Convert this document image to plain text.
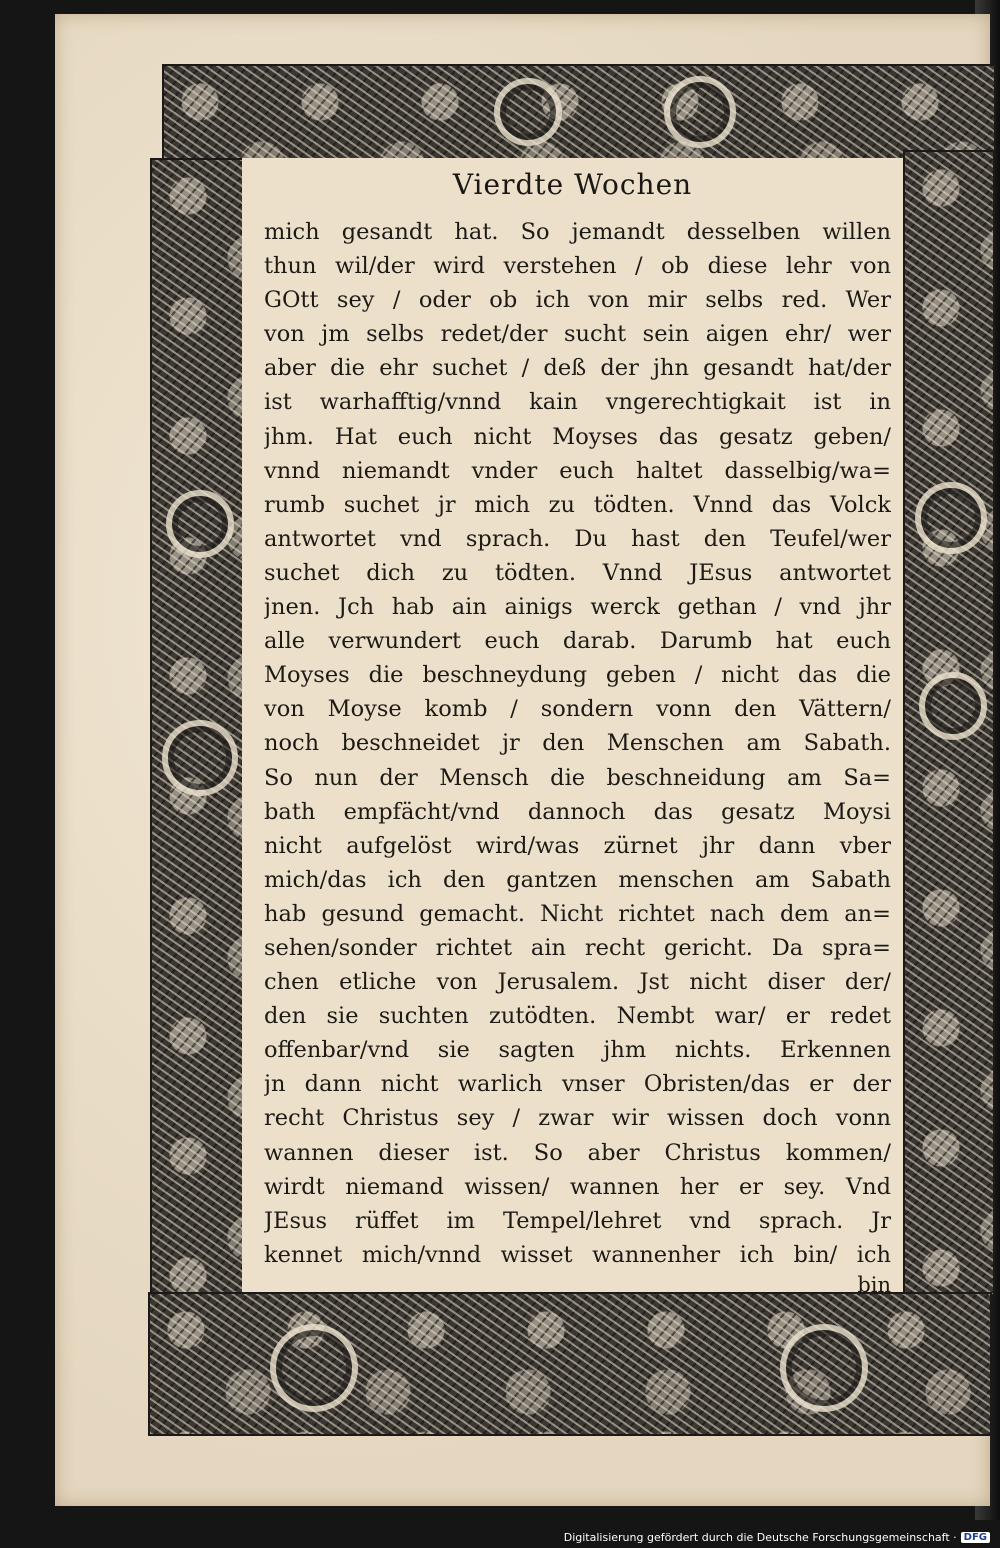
Vierdte Wochen
mich gesandt hat. So jemandt desselben willen
thun wil/der wird verstehen / ob diese lehr von
GOtt sey / oder ob ich von mir selbs red. Wer
von jm selbs redet/der sucht sein aigen ehr/ wer
aber die ehr suchet / deß der jhn gesandt hat/der
ist warhafftig/vnnd kain vngerechtigkait ist in
jhm. Hat euch nicht Moyses das gesatz geben/
vnnd niemandt vnder euch haltet dasselbig/wa=
rumb suchet jr mich zu tödten. Vnnd das Volck
antwortet vnd sprach. Du hast den Teufel/wer
suchet dich zu tödten. Vnnd JEsus antwortet
jnen. Jch hab ain ainigs werck gethan / vnd jhr
alle verwundert euch darab. Darumb hat euch
Moyses die beschneydung geben / nicht das die
von Moyse komb / sondern vonn den Vättern/
noch beschneidet jr den Menschen am Sabath.
So nun der Mensch die beschneidung am Sa=
bath empfächt/vnd dannoch das gesatz Moysi
nicht aufgelöst wird/was zürnet jhr dann vber
mich/das ich den gantzen menschen am Sabath
hab gesund gemacht. Nicht richtet nach dem an=
sehen/sonder richtet ain recht gericht. Da spra=
chen etliche von Jerusalem. Jst nicht diser der/
den sie suchten zutödten. Nembt war/ er redet
offenbar/vnd sie sagten jhm nichts. Erkennen
jn dann nicht warlich vnser Obristen/das er der
recht Christus sey / zwar wir wissen doch vonn
wannen dieser ist. So aber Christus kommen/
wirdt niemand wissen/ wannen her er sey. Vnd
JEsus rüffet im Tempel/lehret vnd sprach. Jr
kennet mich/vnnd wisset wannenher ich bin/ ich
bin
Digitalisierung gefördert durch die Deutsche Forschungsgemeinschaft · DFG
